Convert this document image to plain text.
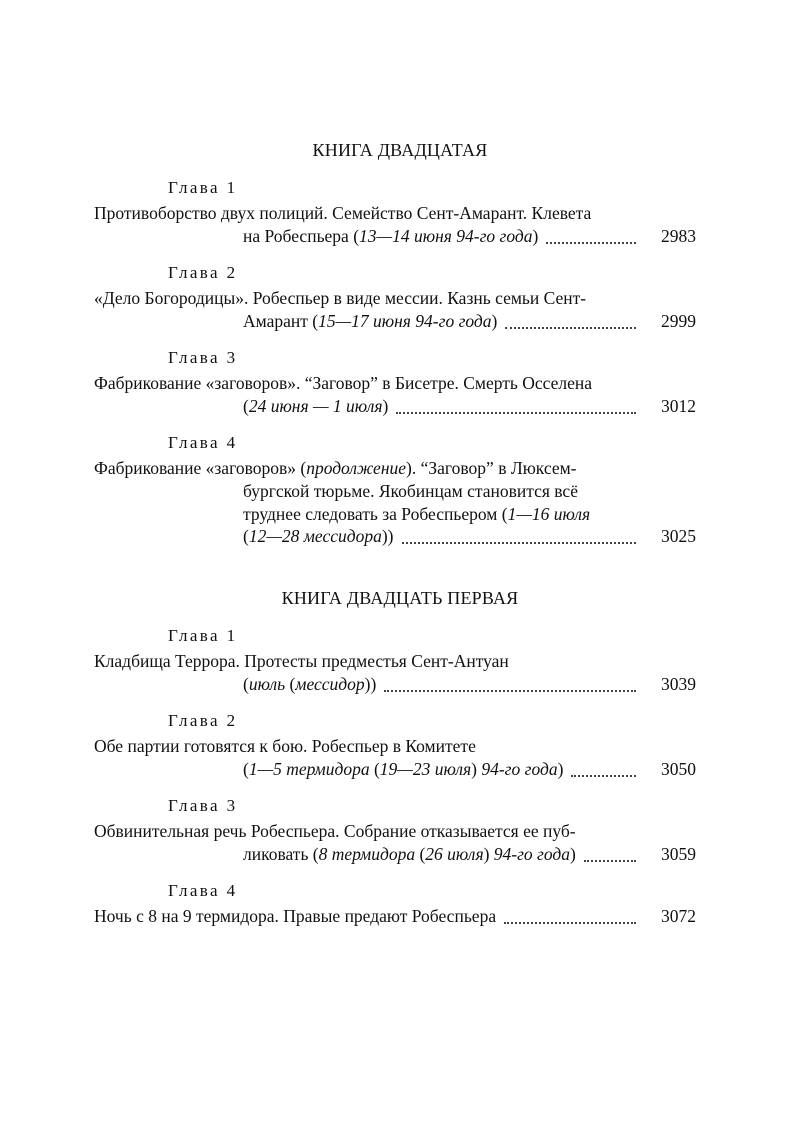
КНИГА ДВАДЦАТАЯ
Глава 1
Противоборство двух полиций. Семейство Сент-Амарант. Клевета
на Робеспьера (13—14 июня 94-го года)	2983
Глава 2
«Дело Богородицы». Робеспьер в виде мессии. Казнь семьи Сент-
Амарант (15—17 июня 94-го года)	2999
Глава 3
Фабрикование «заговоров». “Заговор” в Бисетре. Смерть Осселена
(24 июня — 1 июля)	3012
Глава 4
Фабрикование «заговоров» (продолжение). “Заговор” в Люксем-
бургской тюрьме. Якобинцам становится всё
труднее следовать за Робеспьером (1—16 июля
(12—28 мессидора))	3025
КНИГА ДВАДЦАТЬ ПЕРВАЯ
Глава 1
Кладбища Террора. Протесты предместья Сент-Антуан
(июль (мессидор))	3039
Глава 2
Обе партии готовятся к бою. Робеспьер в Комитете
(1—5 термидора (19—23 июля) 94-го года)	3050
Глава 3
Обвинительная речь Робеспьера. Собрание отказывается ее пуб-
ликовать (8 термидора (26 июля) 94-го года)	3059
Глава 4
Ночь с 8 на 9 термидора. Правые предают Робеспьера	3072
